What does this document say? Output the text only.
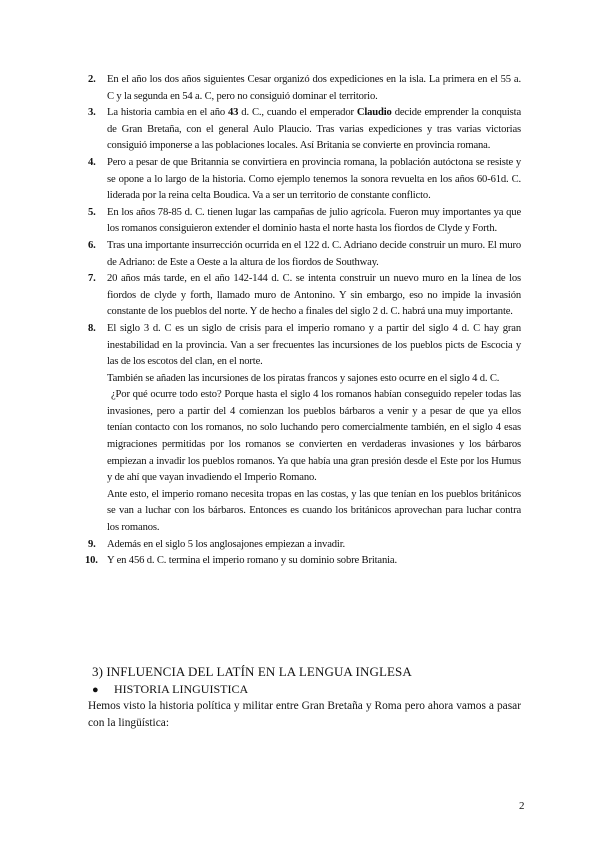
2. En el año los dos años siguientes Cesar organizó dos expediciones en la isla. La primera en el 55 a. C y la segunda en 54 a. C, pero no consiguió dominar el territorio.

3. La historia cambia en el año 43 d. C., cuando el emperador Claudio decide emprender la conquista de Gran Bretaña, con el general Aulo Plaucio. Tras varias expediciones y tras varias victorias consiguió imponerse a las poblaciones locales. Así Britania se convierte en provincia romana.

4. Pero a pesar de que Britannia se convirtiera en provincia romana, la población autóctona se resiste y se opone a lo largo de la historia. Como ejemplo tenemos la sonora revuelta en los años 60-61d. C. liderada por la reina celta Boudica. Va a ser un territorio de constante conflicto.

5. En los años 78-85 d. C. tienen lugar las campañas de julio agrícola. Fueron muy importantes ya que los romanos consiguieron extender el dominio hasta el norte hasta los fiordos de Clyde y Forth.

6. Tras una importante insurrección ocurrida en el 122 d. C. Adriano decide construir un muro. El muro de Adriano: de Este a Oeste a la altura de los fiordos de Southway.

7. 20 años más tarde, en el año 142-144 d. C. se intenta construir un nuevo muro en la línea de los fiordos de clyde y forth, llamado muro de Antonino. Y sin embargo, eso no impide la invasión constante de los pueblos del norte. Y de hecho a finales del siglo 2 d. C. habrá una muy importante.

8. El siglo 3 d. C es un siglo de crisis para el imperio romano y a partir del siglo 4 d. C hay gran inestabilidad en la provincia. Van a ser frecuentes las incursiones de los pueblos picts de Escocia y las de los escotos del clan, en el norte.

También se añaden las incursiones de los piratas francos y sajones esto ocurre en el siglo 4 d. C.

¿Por qué ocurre todo esto? Porque hasta el siglo 4 los romanos habían conseguido repeler todas las invasiones, pero a partir del 4 comienzan los pueblos bárbaros a venir y a pesar de que ya ellos tenían contacto con los romanos, no solo luchando pero comercialmente también, en el siglo 4 esas migraciones permitidas por los romanos se convierten en verdaderas invasiones y los bárbaros empiezan a invadir los pueblos romanos. Ya que había una gran presión desde el Este por los Humus y de ahí que vayan invadiendo el Imperio Romano.

Ante esto, el imperio romano necesita tropas en las costas, y las que tenían en los pueblos británicos se van a luchar con los bárbaros. Entonces es cuando los británicos aprovechan para luchar contra los romanos.

9. Además en el siglo 5 los anglosajones empiezan a invadir.

10. Y en 456 d. C. termina el imperio romano y su dominio sobre Britania.

3) INFLUENCIA DEL LATÍN EN LA LENGUA INGLESA
● HISTORIA LINGUISTICA

Hemos visto la historia política y militar entre Gran Bretaña y Roma pero ahora vamos a pasar con la lingüística:

2
